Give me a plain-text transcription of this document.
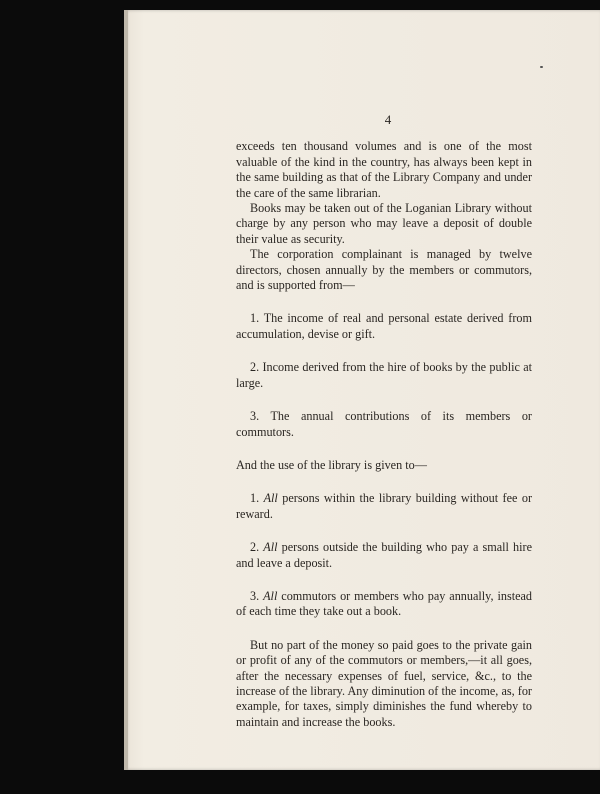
4

exceeds ten thousand volumes and is one of the most valuable of the kind in the country, has always been kept in the same building as that of the Library Company and under the care of the same librarian.

Books may be taken out of the Loganian Library without charge by any person who may leave a deposit of double their value as security.

The corporation complainant is managed by twelve directors, chosen annually by the members or commutors, and is supported from—

1. The income of real and personal estate derived from accumulation, devise or gift.

2. Income derived from the hire of books by the public at large.

3. The annual contributions of its members or commutors.

And the use of the library is given to—

1. All persons within the library building without fee or reward.

2. All persons outside the building who pay a small hire and leave a deposit.

3. All commutors or members who pay annually, instead of each time they take out a book.

But no part of the money so paid goes to the private gain or profit of any of the commutors or members,—it all goes, after the necessary expenses of fuel, service, &c., to the increase of the library. Any diminution of the income, as, for example, for taxes, simply diminishes the fund whereby to maintain and increase the books.
